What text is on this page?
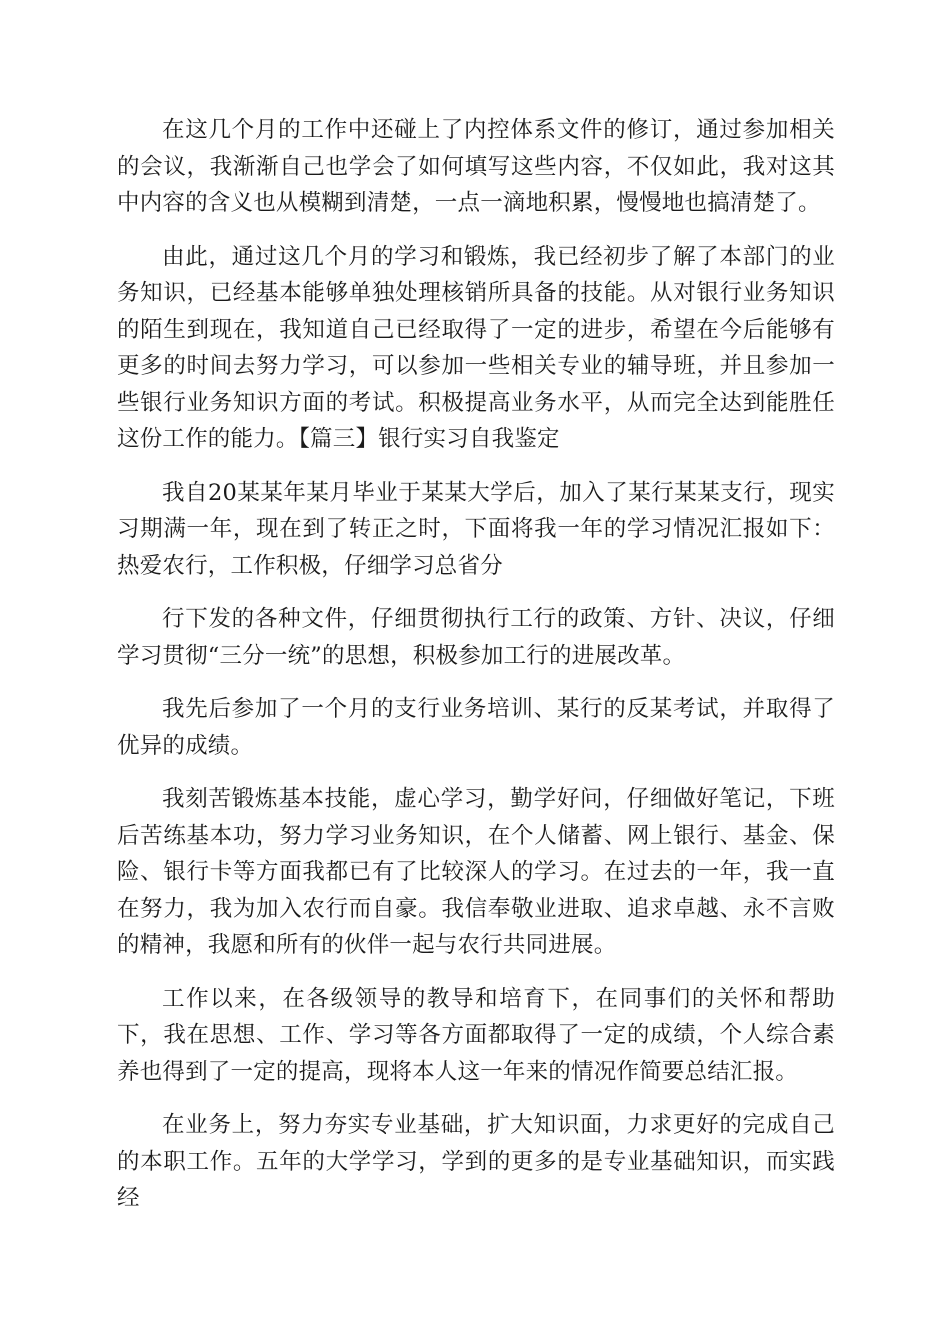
在这几个月的工作中还碰上了内控体系文件的修订，通过参加相关的会议，我渐渐自己也学会了如何填写这些内容，不仅如此，我对这其中内容的含义也从模糊到清楚，一点一滴地积累，慢慢地也搞清楚了。

由此，通过这几个月的学习和锻炼，我已经初步了解了本部门的业务知识，已经基本能够单独处理核销所具备的技能。从对银行业务知识的陌生到现在，我知道自己已经取得了一定的进步，希望在今后能够有更多的时间去努力学习，可以参加一些相关专业的辅导班，并且参加一些银行业务知识方面的考试。积极提高业务水平，从而完全达到能胜任这份工作的能力。【篇三】银行实习自我鉴定

我自20某某年某月毕业于某某大学后，加入了某行某某支行，现实习期满一年，现在到了转正之时，下面将我一年的学习情况汇报如下：热爱农行，工作积极，仔细学习总省分

行下发的各种文件，仔细贯彻执行工行的政策、方针、决议，仔细学习贯彻“三分一统”的思想，积极参加工行的进展改革。

我先后参加了一个月的支行业务培训、某行的反某考试，并取得了优异的成绩。

我刻苦锻炼基本技能，虚心学习，勤学好问，仔细做好笔记，下班后苦练基本功，努力学习业务知识，在个人储蓄、网上银行、基金、保险、银行卡等方面我都已有了比较深人的学习。在过去的一年，我一直在努力，我为加入农行而自豪。我信奉敬业进取、追求卓越、永不言败的精神，我愿和所有的伙伴一起与农行共同进展。

工作以来，在各级领导的教导和培育下，在同事们的关怀和帮助下，我在思想、工作、学习等各方面都取得了一定的成绩，个人综合素养也得到了一定的提高，现将本人这一年来的情况作简要总结汇报。

在业务上，努力夯实专业基础，扩大知识面，力求更好的完成自己的本职工作。五年的大学学习，学到的更多的是专业基础知识，而实践经
